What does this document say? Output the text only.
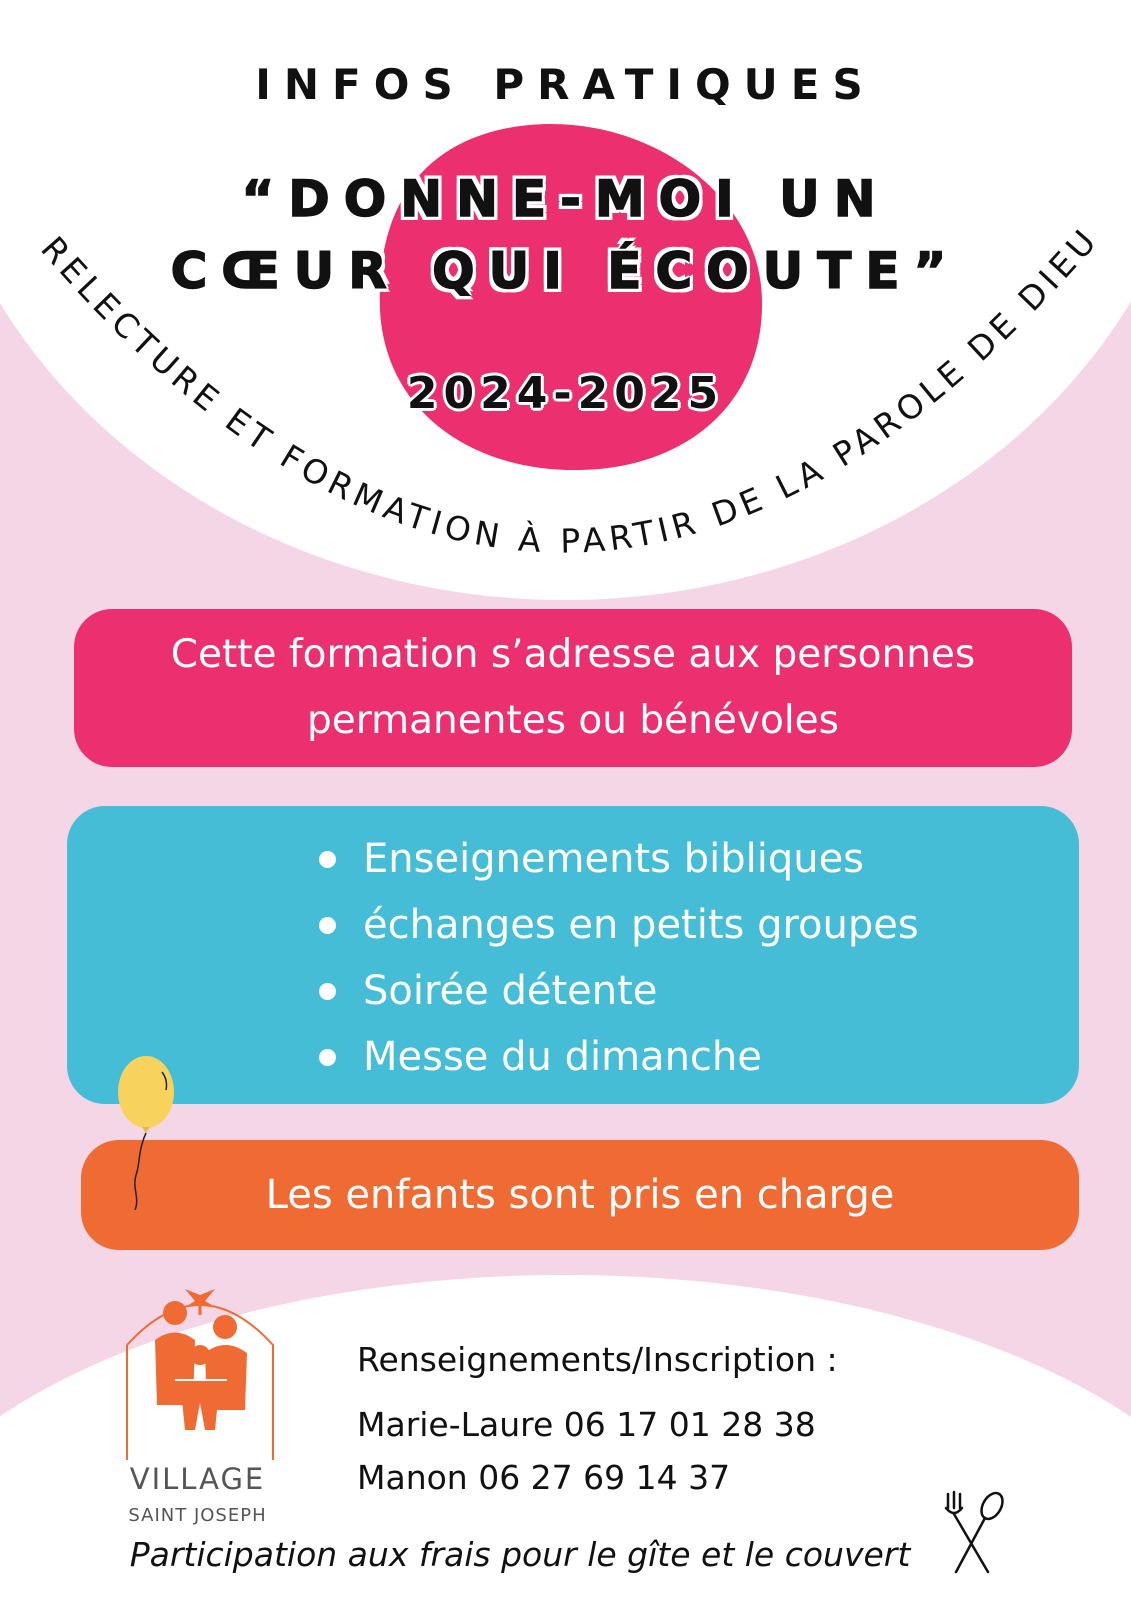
RELECTURE ET FORMATION À PARTIR DE LA PAROLE DE DIEU
INFOS PRATIQUES
“DONNE-MOI UN
CŒUR QUI ÉCOUTE”
2024-2025
Cette formation s’adresse aux personnes permanentes ou bénévoles
Enseignements bibliques
échanges en petits groupes
Soirée détente
Messe du dimanche
Les enfants sont pris en charge
VILLAGE
SAINT JOSEPH
Renseignements/Inscription :
Marie-Laure 06 17 01 28 38
Manon 06 27 69 14 37
Participation aux frais pour le gîte et le couvert
